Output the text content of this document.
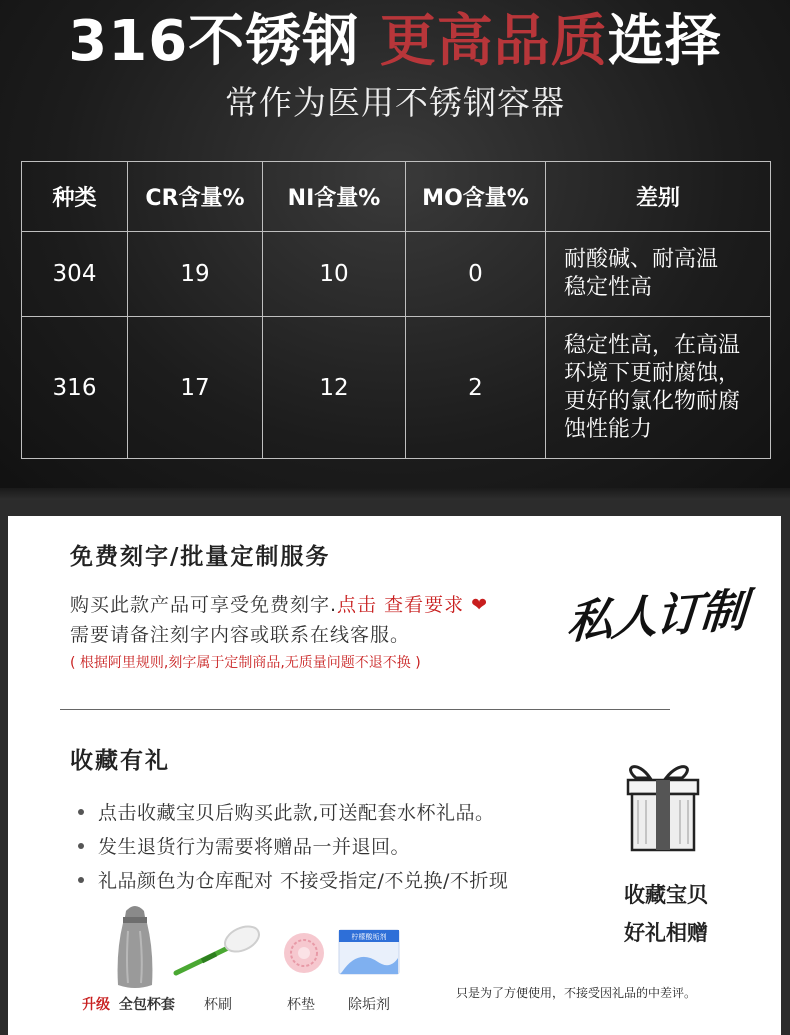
316不锈钢 更高品质选择
常作为医用不锈钢容器
种类	CR含量%	NI含量%	MO含量%	差别
304	19	10	0	耐酸碱、耐高温
稳定性高

316	17	12	2	稳定性高，在高温
环境下更耐腐蚀，
更好的氯化物耐腐
蚀性能力
免费刻字/批量定制服务
购买此款产品可享受免费刻字.点击 查看要求 ❤
需要请备注刻字内容或联系在线客服。
( 根据阿里规则,刻字属于定制商品,无质量问题不退不换 )
私人订制
收藏有礼
点击收藏宝贝后购买此款,可送配套水杯礼品。
发生退货行为需要将赠品一并退回。
礼品颜色为仓库配对 不接受指定/不兑换/不折现
收藏宝贝
好礼相赠
柠檬酸垢剂
升级 全包杯套 杯刷	杯垫 除垢剂
只是为了方便使用，不接受因礼品的中差评。
